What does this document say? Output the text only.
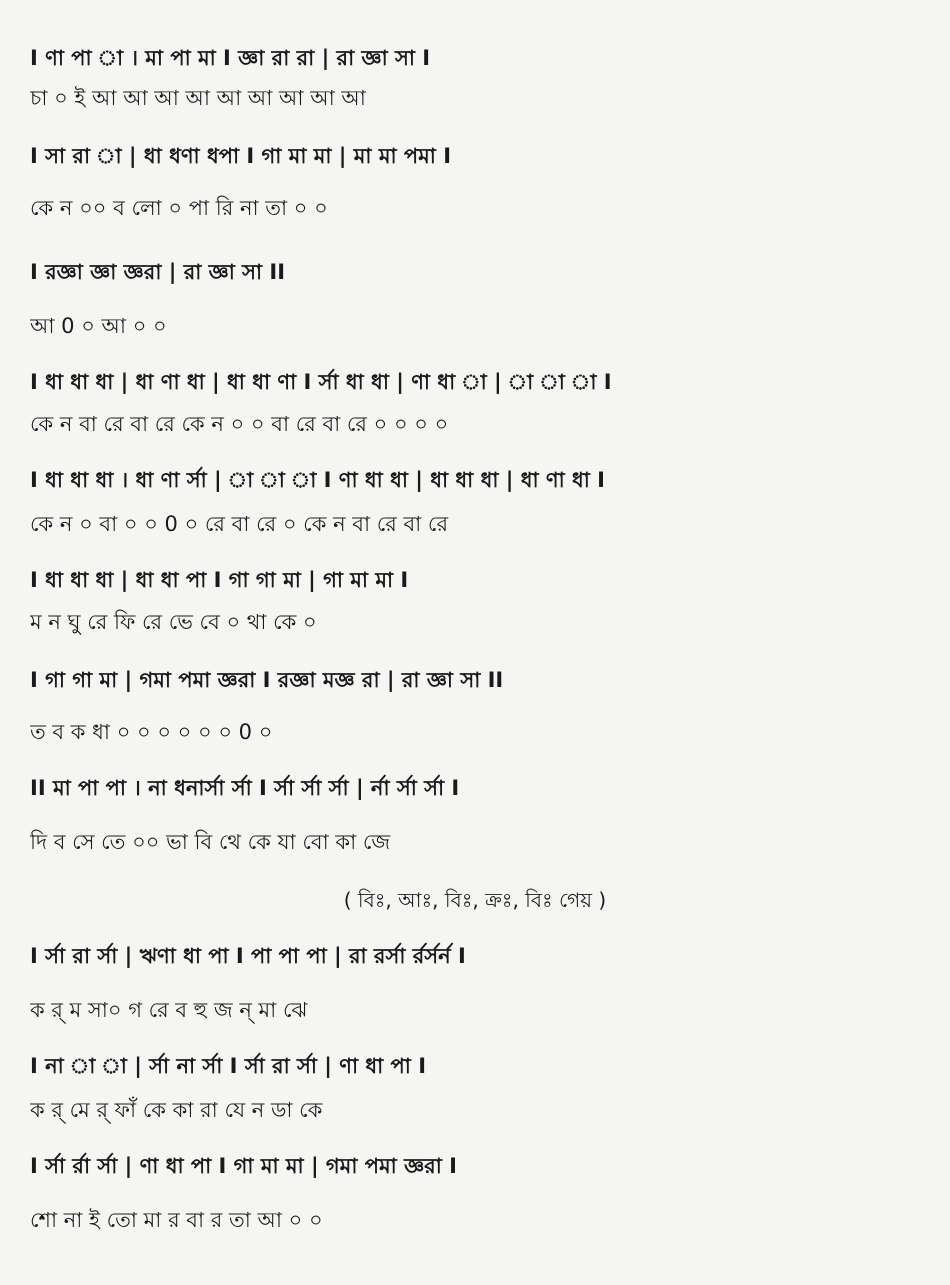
I ণা পা া । মা পা মা I জ্ঞা রা রা | রা জ্ঞা সা I
চা ০ ই আ আ আ আ আ আ আ আ আ
I সা রা া | ধা ধণা ধপা I গা মা মা | মা মা পমা I
কে ন ০০ ব লো ০ পা রি না তা ০ ০
I রজ্ঞা জ্ঞা জ্ঞরা | রা জ্ঞা সা II
আ 0 ০ আ ০ ০
I ধা ধা ধা | ধা ণা ধা | ধা ধা ণা I র্সা ধা ধা | ণা ধা া | া া া I
কে ন বা রে বা রে কে ন ০ ০ বা রে বা রে ০ ০ ০ ০
I ধা ধা ধা । ধা ণা র্সা | া া া I ণা ধা ধা | ধা ধা ধা | ধা ণা ধা I
কে ন ০ বা ০ ০ 0 ০ রে বা রে ০ কে ন বা রে বা রে
I ধা ধা ধা | ধা ধা পা I গা গা মা | গা মা মা I
ম ন ঘু রে ফি রে ভে বে ০ থা কে ০
I গা গা মা | গমা পমা জ্ঞরা I রজ্ঞা মজ্ঞ রা | রা জ্ঞা সা II
ত ব ক ধা ০ ০ ০ ০ ০ ০ 0 ০
II মা পা পা । না ধনার্সা র্সা I র্সা র্সা র্সা | র্না র্সা র্সা I
দি ব সে তে ০০ ভা বি থে কে যা বো কা জে
( বিঃ, আঃ, বিঃ, ক্রঃ, বিঃ গেয় )
I র্সা রা র্সা | ঋণা ধা পা I পা পা পা | রা রর্সা র্রর্সর্ন I
ক র্ ম সা০ গ রে ব হু জ ন্ মা ঝে
I না া া | র্সা না র্সা I র্সা রা র্সা | ণা ধা পা I
ক র্ মে র্ ফাঁ কে কা রা যে ন ডা কে
I র্সা র্রা র্সা | ণা ধা পা I গা মা মা | গমা পমা জ্ঞরা I
শো না ই তো মা র বা র তা আ ০ ০
